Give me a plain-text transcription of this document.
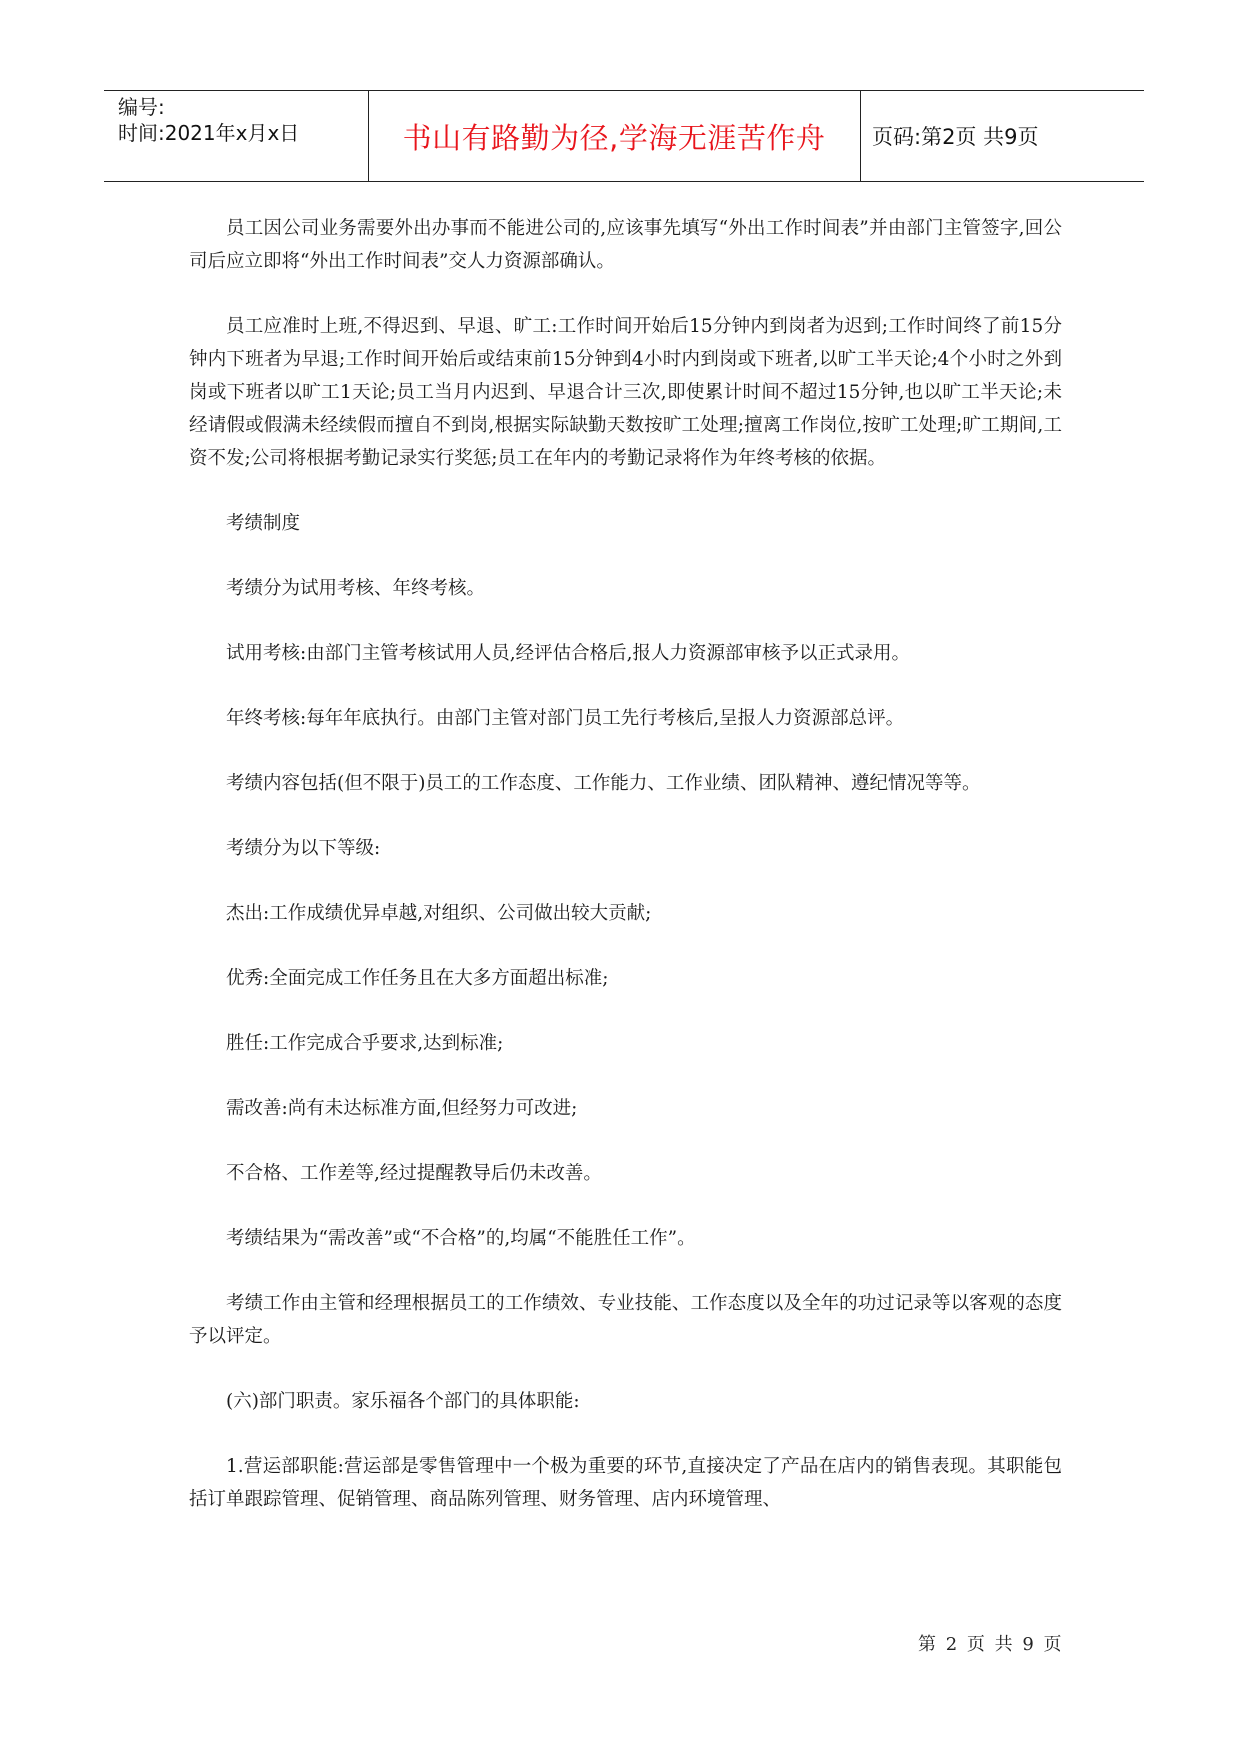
编号:
时间:2021年x月x日	书山有路勤为径,学海无涯苦作舟	页码:第2页 共9页

员工因公司业务需要外出办事而不能进公司的,应该事先填写“外出工作时间表”并由部门主管签字,回公司后应立即将“外出工作时间表”交人力资源部确认。

员工应准时上班,不得迟到、早退、旷工:工作时间开始后15分钟内到岗者为迟到;工作时间终了前15分钟内下班者为早退;工作时间开始后或结束前15分钟到4小时内到岗或下班者,以旷工半天论;4个小时之外到岗或下班者以旷工1天论;员工当月内迟到、早退合计三次,即使累计时间不超过15分钟,也以旷工半天论;未经请假或假满未经续假而擅自不到岗,根据实际缺勤天数按旷工处理;擅离工作岗位,按旷工处理;旷工期间,工资不发;公司将根据考勤记录实行奖惩;员工在年内的考勤记录将作为年终考核的依据。

考绩制度

考绩分为试用考核、年终考核。

试用考核:由部门主管考核试用人员,经评估合格后,报人力资源部审核予以正式录用。

年终考核:每年年底执行。由部门主管对部门员工先行考核后,呈报人力资源部总评。

考绩内容包括(但不限于)员工的工作态度、工作能力、工作业绩、团队精神、遵纪情况等等。

考绩分为以下等级:

杰出:工作成绩优异卓越,对组织、公司做出较大贡献;

优秀:全面完成工作任务且在大多方面超出标准;

胜任:工作完成合乎要求,达到标准;

需改善:尚有未达标准方面,但经努力可改进;

不合格、工作差等,经过提醒教导后仍未改善。

考绩结果为“需改善”或“不合格”的,均属“不能胜任工作”。

考绩工作由主管和经理根据员工的工作绩效、专业技能、工作态度以及全年的功过记录等以客观的态度予以评定。

(六)部门职责。家乐福各个部门的具体职能:

1.营运部职能:营运部是零售管理中一个极为重要的环节,直接决定了产品在店内的销售表现。其职能包括订单跟踪管理、促销管理、商品陈列管理、财务管理、店内环境管理、

第 2 页 共 9 页
